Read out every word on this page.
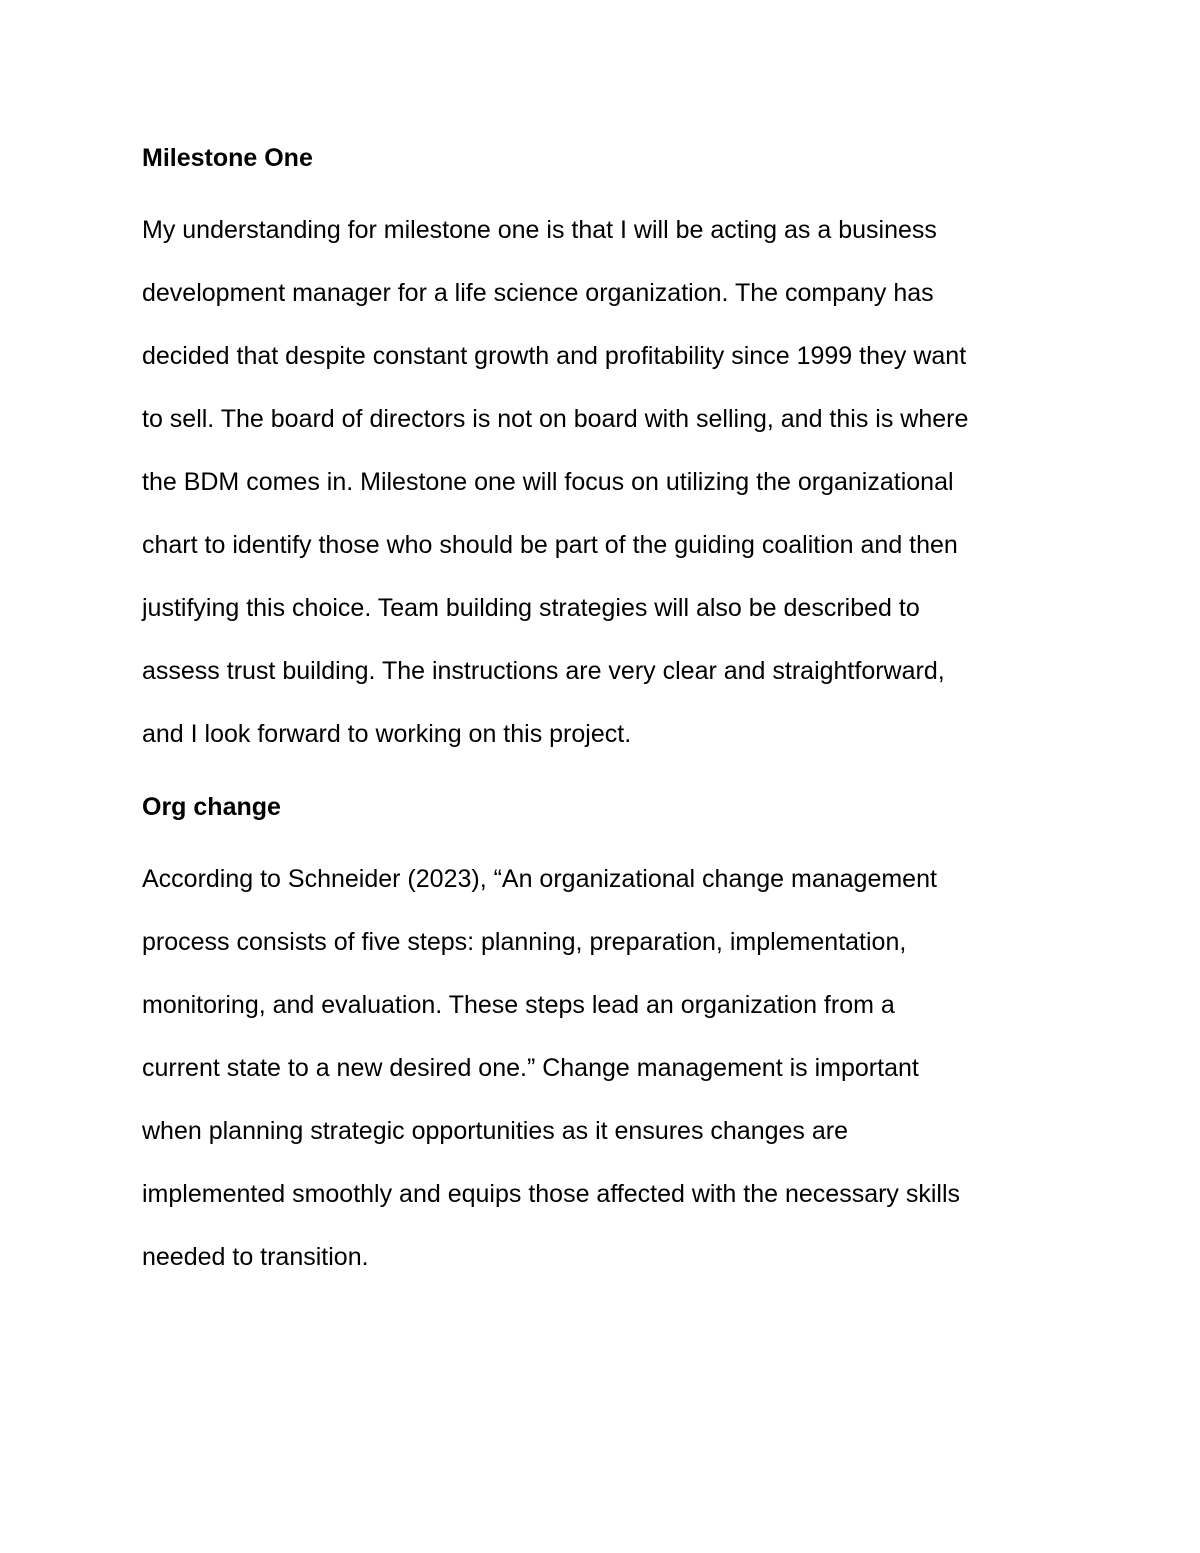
Milestone One
My understanding for milestone one is that I will be acting as a business
development manager for a life science organization. The company has
decided that despite constant growth and profitability since 1999 they want
to sell. The board of directors is not on board with selling, and this is where
the BDM comes in. Milestone one will focus on utilizing the organizational
chart to identify those who should be part of the guiding coalition and then
justifying this choice. Team building strategies will also be described to
assess trust building. The instructions are very clear and straightforward,
and I look forward to working on this project.
Org change
According to Schneider (2023), “An organizational change management
process consists of five steps: planning, preparation, implementation,
monitoring, and evaluation. These steps lead an organization from a
current state to a new desired one.” Change management is important
when planning strategic opportunities as it ensures changes are
implemented smoothly and equips those affected with the necessary skills
needed to transition.
